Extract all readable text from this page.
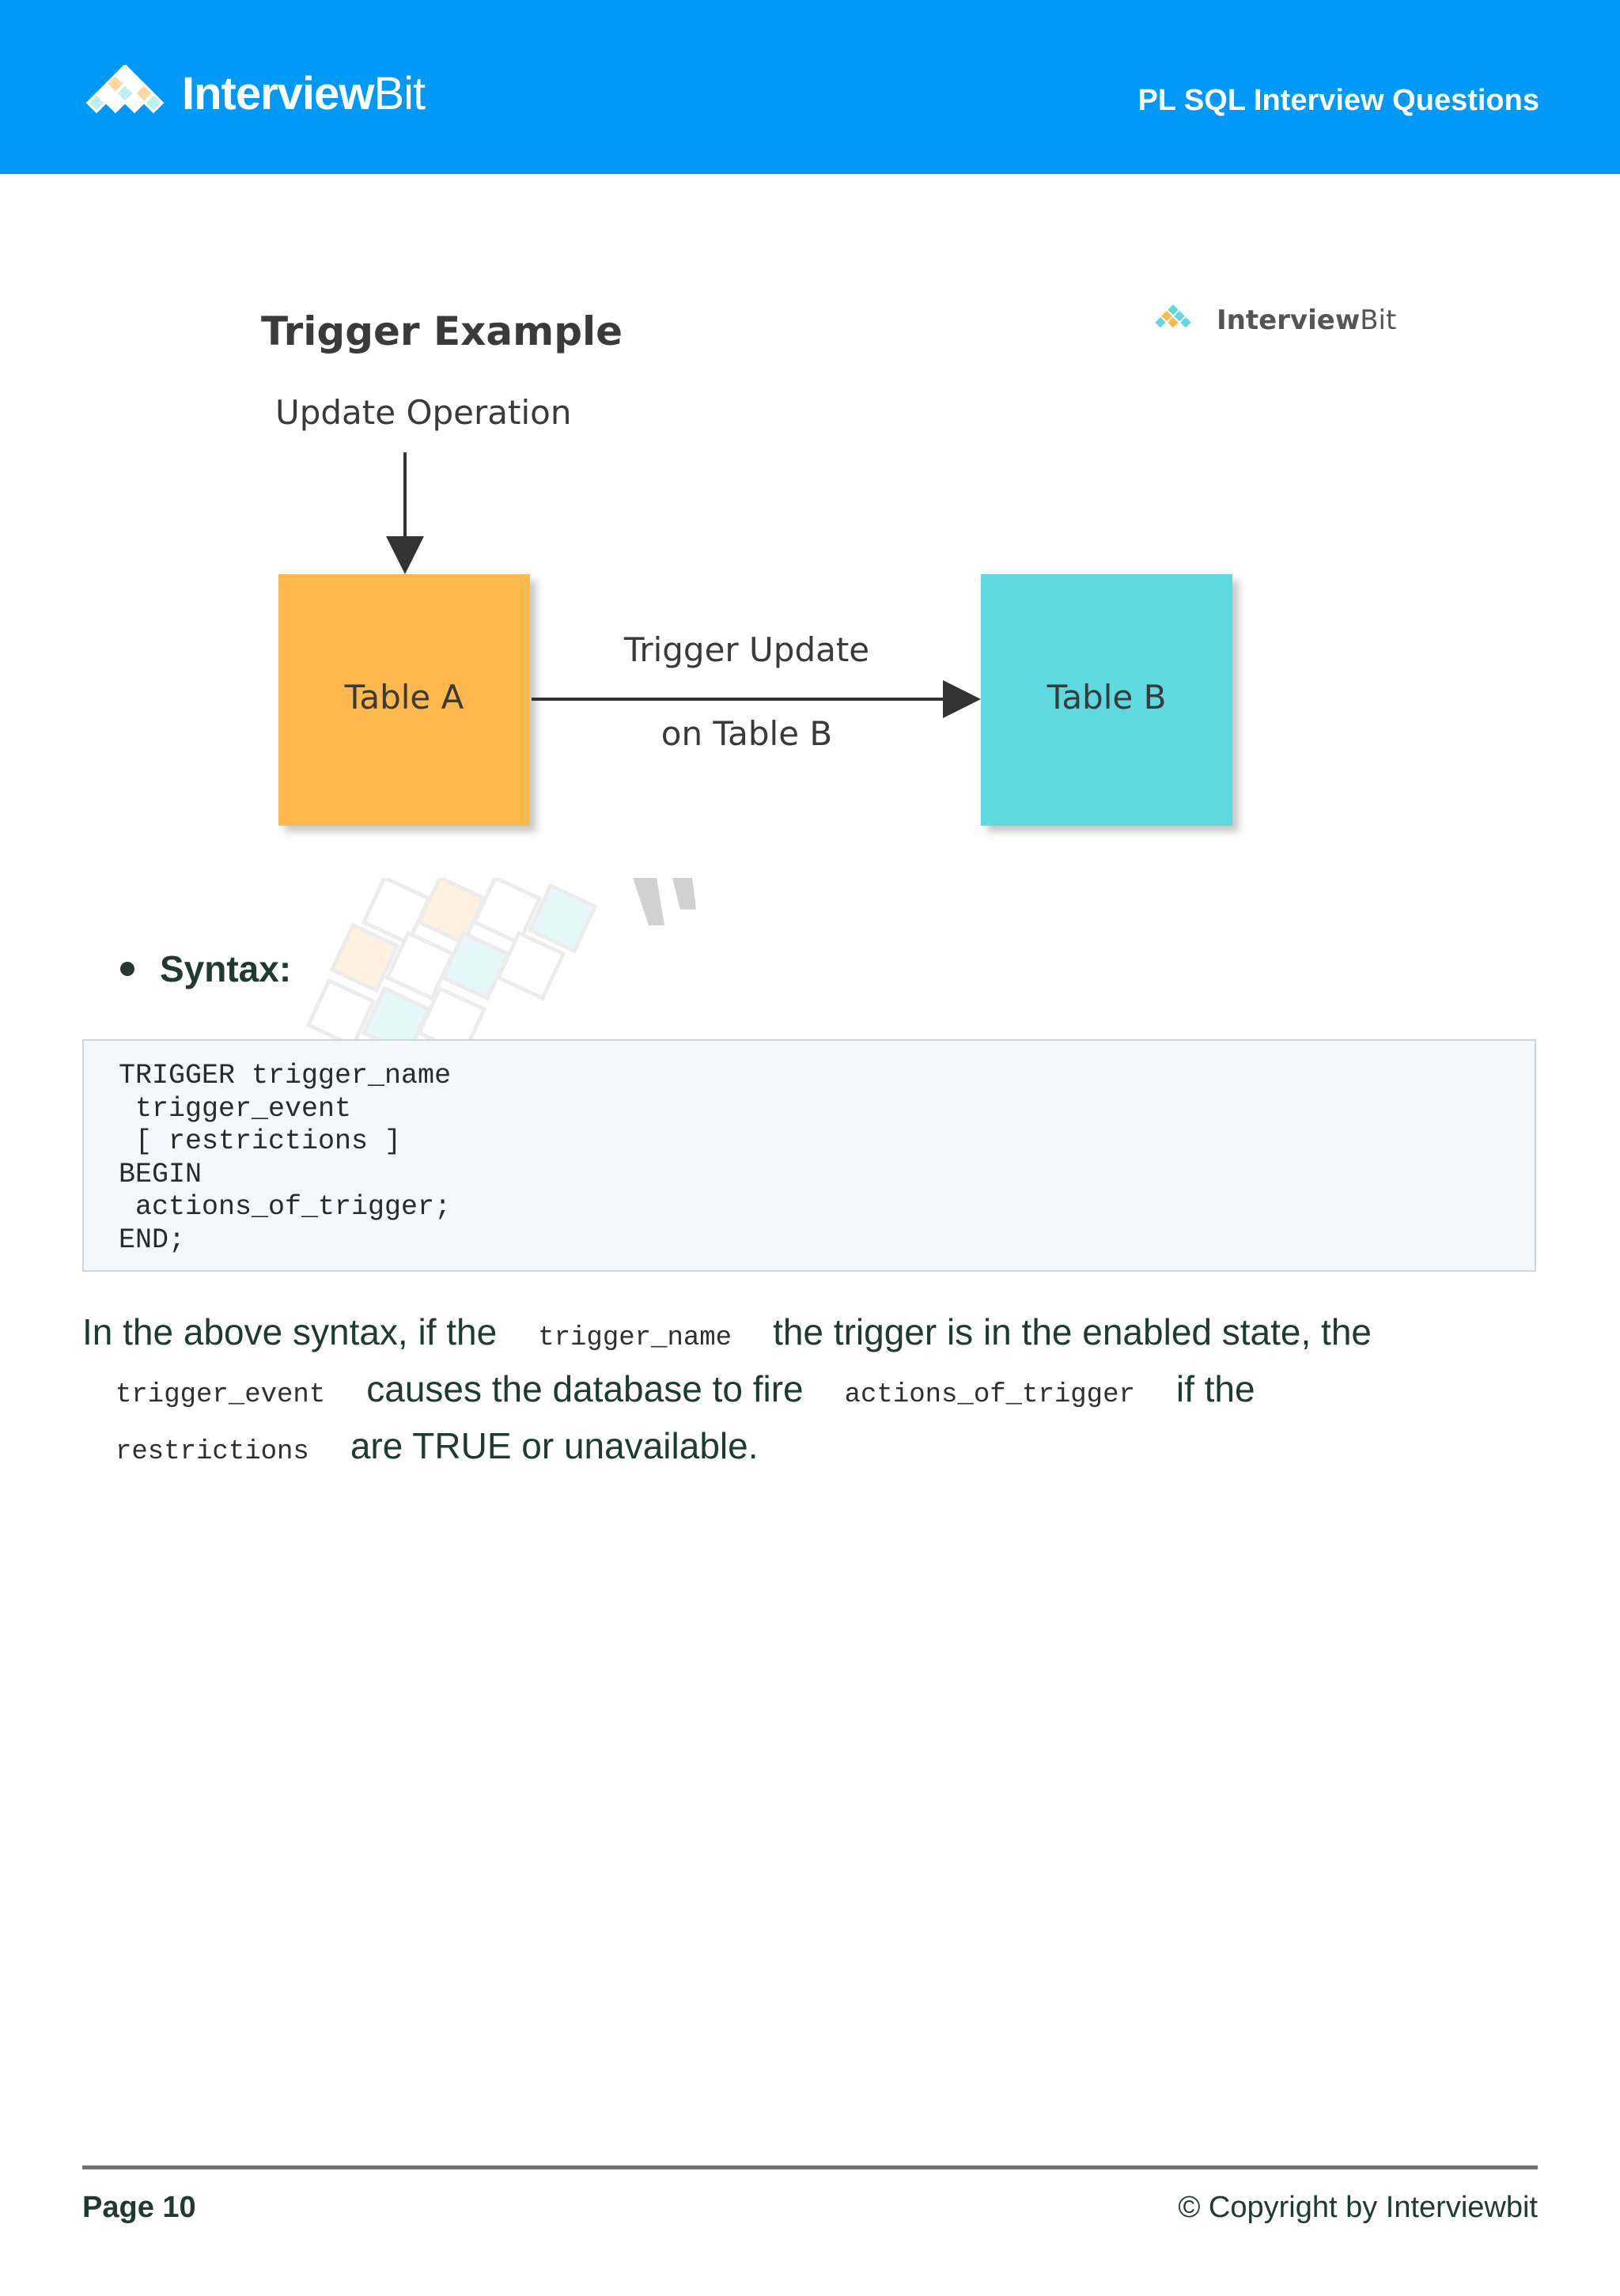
InterviewBit	PL SQL Interview Questions
Trigger Example
Update Operation
Table A
Trigger Update
on Table B
Table B
InterviewBit
Syntax:
TRIGGER trigger_name
trigger_event
[ restrictions ]
BEGIN
actions_of_trigger;
END;
In the above syntax, if the trigger_name the trigger is in the enabled state, the
trigger_event causes the database to fire actions_of_trigger if the
restrictions are TRUE or unavailable.
Page 10	© Copyright by Interviewbit
